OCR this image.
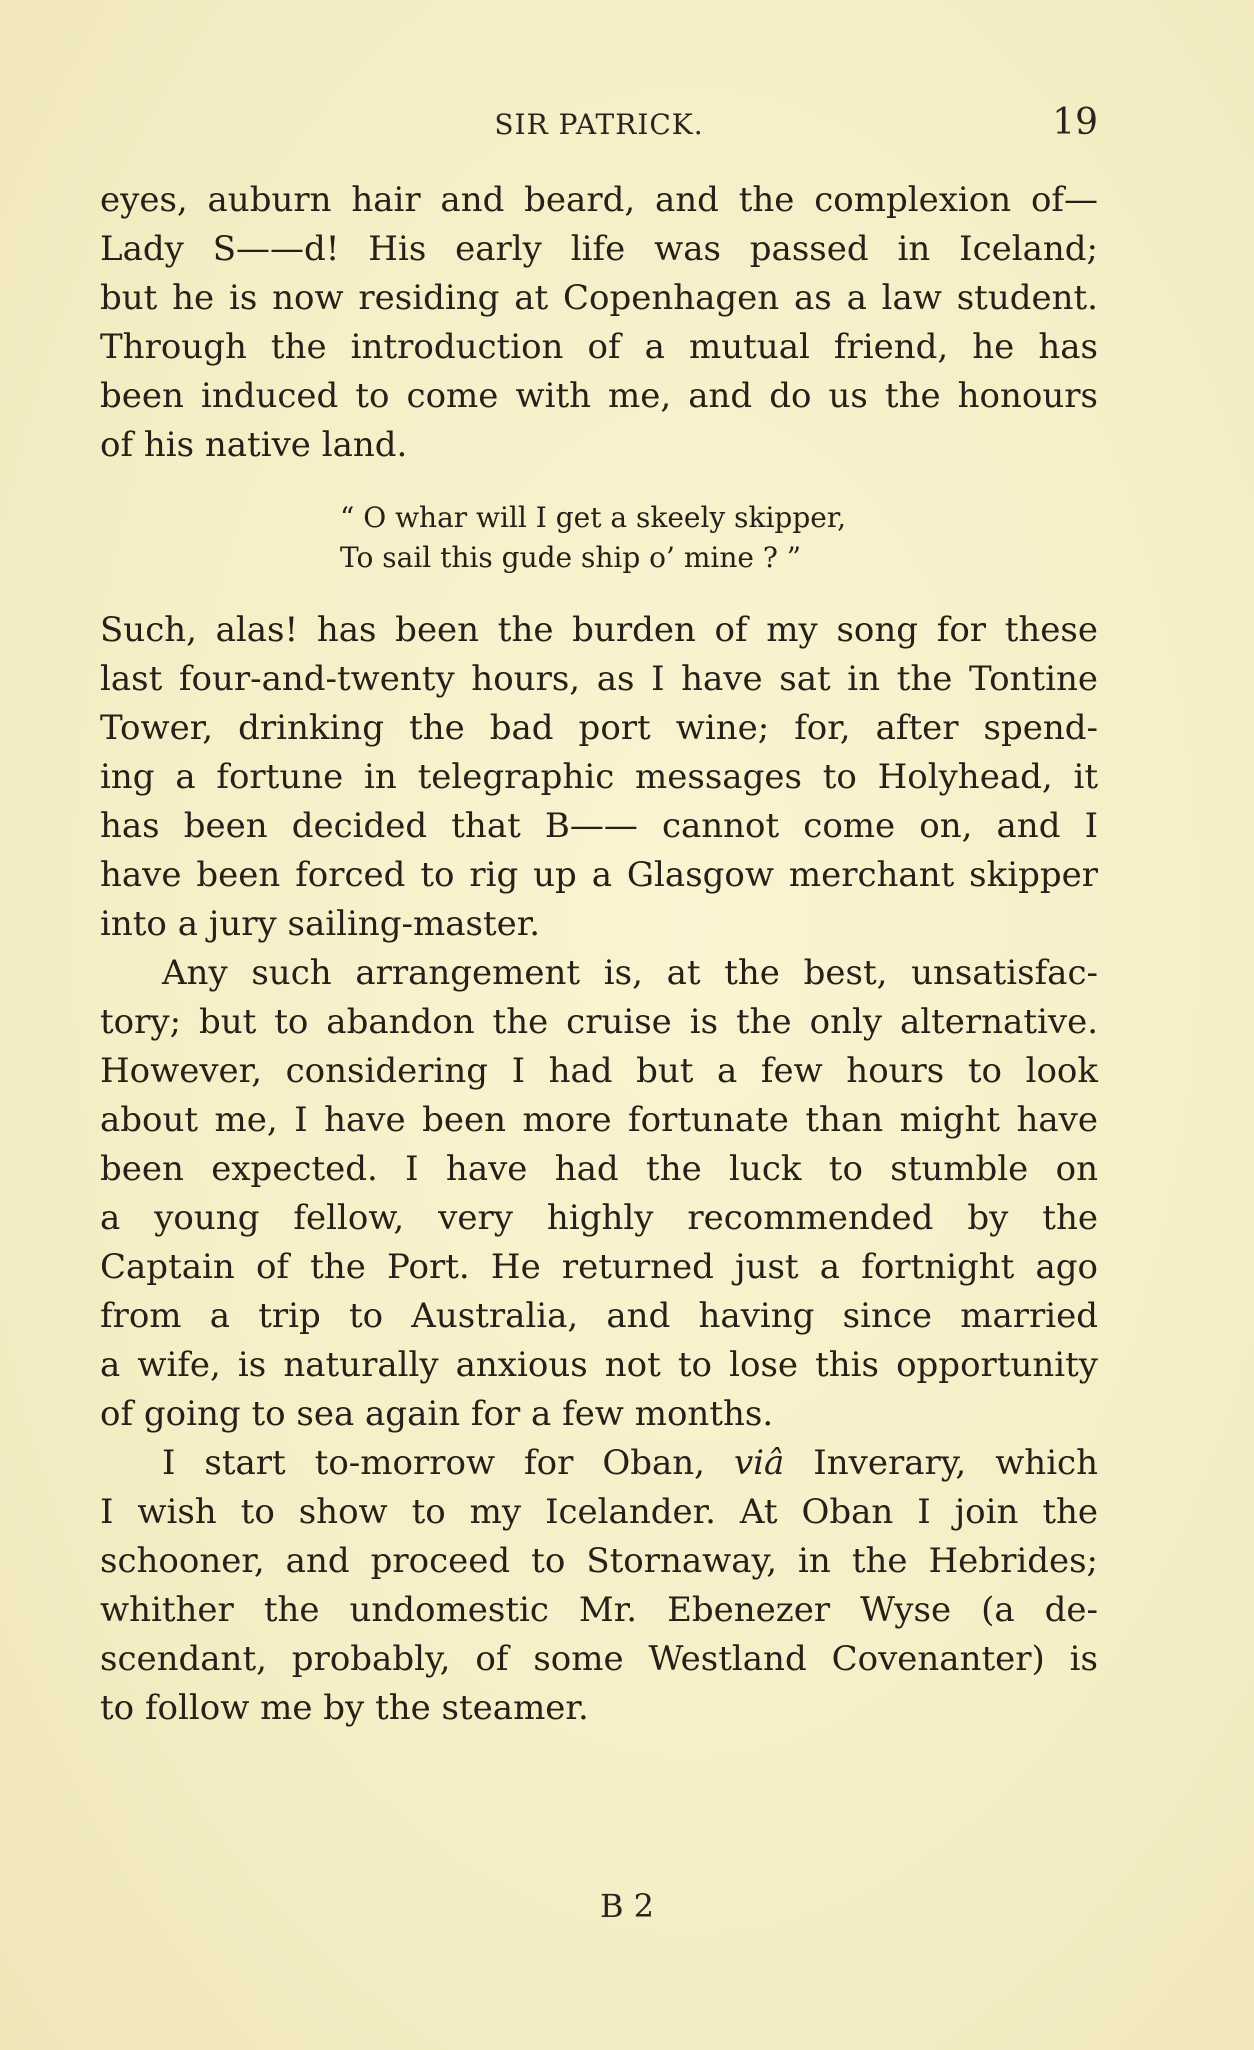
SIR PATRICK.	19

eyes, auburn hair and beard, and the complexion of—
Lady S——d! His early life was passed in Iceland;
but he is now residing at Copenhagen as a law student.
Through the introduction of a mutual friend, he has
been induced to come with me, and do us the honours
of his native land.

“ O whar will I get a skeely skipper,
To sail this gude ship o’ mine ? ”

Such, alas! has been the burden of my song for these
last four-and-twenty hours, as I have sat in the Tontine
Tower, drinking the bad port wine; for, after spend-
ing a fortune in telegraphic messages to Holyhead, it
has been decided that B—— cannot come on, and I
have been forced to rig up a Glasgow merchant skipper
into a jury sailing-master.

Any such arrangement is, at the best, unsatisfac-
tory; but to abandon the cruise is the only alternative.
However, considering I had but a few hours to look
about me, I have been more fortunate than might have
been expected. I have had the luck to stumble on
a young fellow, very highly recommended by the
Captain of the Port. He returned just a fortnight ago
from a trip to Australia, and having since married
a wife, is naturally anxious not to lose this opportunity
of going to sea again for a few months.

I start to-morrow for Oban, viâ Inverary, which
I wish to show to my Icelander. At Oban I join the
schooner, and proceed to Stornaway, in the Hebrides;
whither the undomestic Mr. Ebenezer Wyse (a de-
scendant, probably, of some Westland Covenanter) is
to follow me by the steamer.

B 2
